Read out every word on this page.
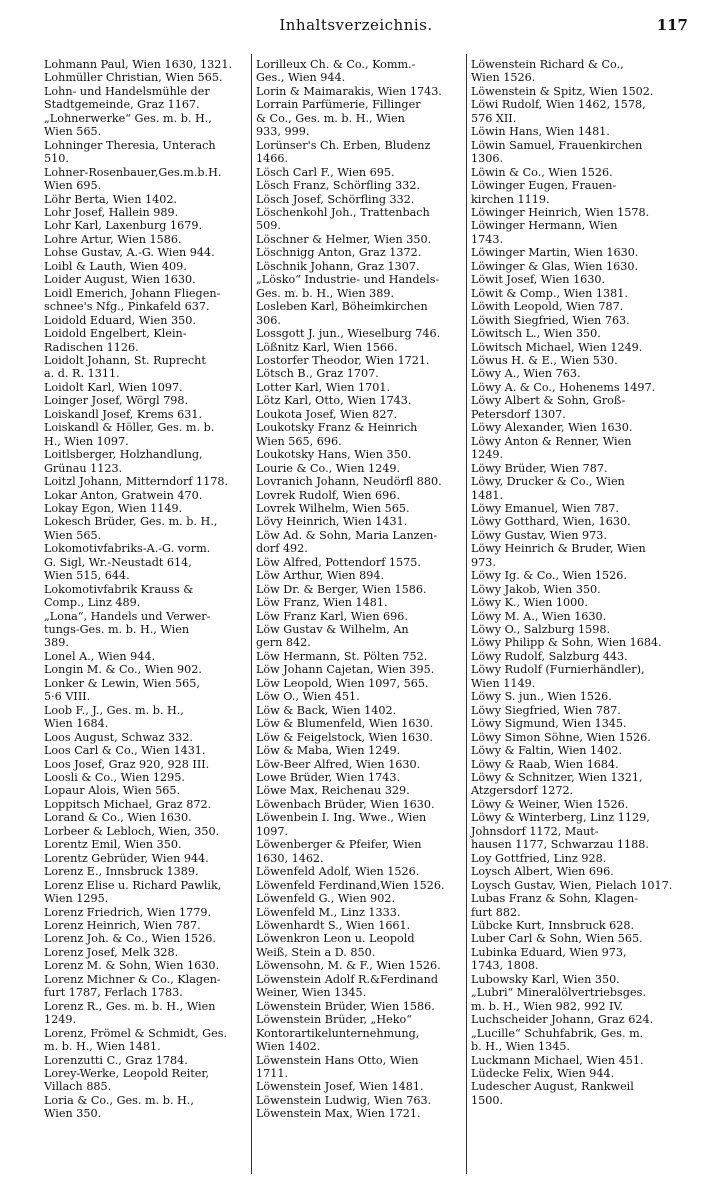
Inhaltsverzeichnis.	117
Lohmann Paul, Wien 1630, 1321.
Lohmüller Christian, Wien 565.
Lohn- und Handelsmühle der
Stadtgemeinde, Graz 1167.
„Lohnerwerke“ Ges. m. b. H.,
Wien 565.
Lohninger Theresia, Unterach
510.
Lohner-Rosenbauer,Ges.m.b.H.
Wien 695.
Löhr Berta, Wien 1402.
Lohr Josef, Hallein 989.
Lohr Karl, Laxenburg 1679.
Lohre Artur, Wien 1586.
Lohse Gustav, A.-G. Wien 944.
Loibl & Lauth, Wien 409.
Loider August, Wien 1630.
Loidl Emerich, Johann Fliegen-
schnee's Nfg., Pinkafeld 637.
Loidold Eduard, Wien 350.
Loidold Engelbert, Klein-
Radischen 1126.
Loidolt Johann, St. Ruprecht
a. d. R. 1311.
Loidolt Karl, Wien 1097.
Loinger Josef, Wörgl 798.
Loiskandl Josef, Krems 631.
Loiskandl & Höller, Ges. m. b.
H., Wien 1097.
Loitlsberger, Holzhandlung,
Grünau 1123.
Loitzl Johann, Mitterndorf 1178.
Lokar Anton, Gratwein 470.
Lokay Egon, Wien 1149.
Lokesch Brüder, Ges. m. b. H.,
Wien 565.
Lokomotivfabriks-A.-G. vorm.
G. Sigl, Wr.-Neustadt 614,
Wien 515, 644.
Lokomotivfabrik Krauss &
Comp., Linz 489.
„Lona“, Handels und Verwer-
tungs-Ges. m. b. H., Wien
389.
Lonel A., Wien 944.
Longin M. & Co., Wien 902.
Lonker & Lewin, Wien 565,
5·6 VIII.
Loob F., J., Ges. m. b. H.,
Wien 1684.
Loos August, Schwaz 332.
Loos Carl & Co., Wien 1431.
Loos Josef, Graz 920, 928 III.
Loosli & Co., Wien 1295.
Lopaur Alois, Wien 565.
Loppitsch Michael, Graz 872.
Lorand & Co., Wien 1630.
Lorbeer & Lebloch, Wien, 350.
Lorentz Emil, Wien 350.
Lorentz Gebrüder, Wien 944.
Lorenz E., Innsbruck 1389.
Lorenz Elise u. Richard Pawlik,
Wien 1295.
Lorenz Friedrich, Wien 1779.
Lorenz Heinrich, Wien 787.
Lorenz Joh. & Co., Wien 1526.
Lorenz Josef, Melk 328.
Lorenz M. & Sohn, Wien 1630.
Lorenz Michner & Co., Klagen-
furt 1787, Ferlach 1783.
Lorenz R., Ges. m. b. H., Wien
1249.
Lorenz, Frömel & Schmidt, Ges.
m. b. H., Wien 1481.
Lorenzutti C., Graz 1784.
Lorey-Werke, Leopold Reiter,
Villach 885.
Loria & Co., Ges. m. b. H.,
Wien 350.
Lorilleux Ch. & Co., Komm.-
Ges., Wien 944.
Lorin & Maimarakis, Wien 1743.
Lorrain Parfümerie, Fillinger
& Co., Ges. m. b. H., Wien
933, 999.
Lorünser's Ch. Erben, Bludenz
1466.
Lösch Carl F., Wien 695.
Lösch Franz, Schörfling 332.
Lösch Josef, Schörfling 332.
Löschenkohl Joh., Trattenbach
509.
Löschner & Helmer, Wien 350.
Löschnigg Anton, Graz 1372.
Löschnik Johann, Graz 1307.
„Lösko“ Industrie- und Handels-
Ges. m. b. H., Wien 389.
Losleben Karl, Böheimkirchen
306.
Lossgott J. jun., Wieselburg 746.
Lößnitz Karl, Wien 1566.
Lostorfer Theodor, Wien 1721.
Lötsch B., Graz 1707.
Lotter Karl, Wien 1701.
Lötz Karl, Otto, Wien 1743.
Loukota Josef, Wien 827.
Loukotsky Franz & Heinrich
Wien 565, 696.
Loukotsky Hans, Wien 350.
Lourie & Co., Wien 1249.
Lovranich Johann, Neudörfl 880.
Lovrek Rudolf, Wien 696.
Lovrek Wilhelm, Wien 565.
Lövy Heinrich, Wien 1431.
Löw Ad. & Sohn, Maria Lanzen-
dorf 492.
Löw Alfred, Pottendorf 1575.
Löw Arthur, Wien 894.
Löw Dr. & Berger, Wien 1586.
Löw Franz, Wien 1481.
Löw Franz Karl, Wien 696.
Löw Gustav & Wilhelm, An
gern 842.
Löw Hermann, St. Pölten 752.
Löw Johann Cajetan, Wien 395.
Löw Leopold, Wien 1097, 565.
Löw O., Wien 451.
Löw & Back, Wien 1402.
Löw & Blumenfeld, Wien 1630.
Löw & Feigelstock, Wien 1630.
Löw & Maba, Wien 1249.
Löw-Beer Alfred, Wien 1630.
Lowe Brüder, Wien 1743.
Löwe Max, Reichenau 329.
Löwenbach Brüder, Wien 1630.
Löwenbein I. Ing. Wwe., Wien
1097.
Löwenberger & Pfeifer, Wien
1630, 1462.
Löwenfeld Adolf, Wien 1526.
Löwenfeld Ferdinand,Wien 1526.
Löwenfeld G., Wien 902.
Löwenfeld M., Linz 1333.
Löwenhardt S., Wien 1661.
Löwenkron Leon u. Leopold
Weiß, Stein a D. 850.
Löwensohn, M. & F., Wien 1526.
Löwenstein Adolf R.&Ferdinand
Weiner, Wien 1345.
Löwenstein Brüder, Wien 1586.
Löwenstein Brüder, „Heko“
Kontorartikelunternehmung,
Wien 1402.
Löwenstein Hans Otto, Wien
1711.
Löwenstein Josef, Wien 1481.
Löwenstein Ludwig, Wien 763.
Löwenstein Max, Wien 1721.
Löwenstein Richard & Co.,
Wien 1526.
Löwenstein & Spitz, Wien 1502.
Löwi Rudolf, Wien 1462, 1578,
576 XII.
Löwin Hans, Wien 1481.
Löwin Samuel, Frauenkirchen
1306.
Löwin & Co., Wien 1526.
Löwinger Eugen, Frauen-
kirchen 1119.
Löwinger Heinrich, Wien 1578.
Löwinger Hermann, Wien
1743.
Löwinger Martin, Wien 1630.
Löwinger & Glas, Wien 1630.
Löwit Josef, Wien 1630.
Löwit & Comp., Wien 1381.
Löwith Leopold, Wien 787.
Löwith Siegfried, Wien 763.
Löwitsch L., Wien 350.
Löwitsch Michael, Wien 1249.
Löwus H. & E., Wien 530.
Löwy A., Wien 763.
Löwy A. & Co., Hohenems 1497.
Löwy Albert & Sohn, Groß-
Petersdorf 1307.
Löwy Alexander, Wien 1630.
Löwy Anton & Renner, Wien
1249.
Löwy Brüder, Wien 787.
Löwy, Drucker & Co., Wien
1481.
Löwy Emanuel, Wien 787.
Löwy Gotthard, Wien, 1630.
Löwy Gustav, Wien 973.
Löwy Heinrich & Bruder, Wien
973.
Löwy Ig. & Co., Wien 1526.
Löwy Jakob, Wien 350.
Löwy K., Wien 1000.
Löwy M. A., Wien 1630.
Löwy O., Salzburg 1598.
Löwy Philipp & Sohn, Wien 1684.
Löwy Rudolf, Salzburg 443.
Löwy Rudolf (Furnierhändler),
Wien 1149.
Löwy S. jun., Wien 1526.
Löwy Siegfried, Wien 787.
Löwy Sigmund, Wien 1345.
Löwy Simon Söhne, Wien 1526.
Löwy & Faltin, Wien 1402.
Löwy & Raab, Wien 1684.
Löwy & Schnitzer, Wien 1321,
Atzgersdorf 1272.
Löwy & Weiner, Wien 1526.
Löwy & Winterberg, Linz 1129,
Johnsdorf 1172, Maut-
hausen 1177, Schwarzau 1188.
Loy Gottfried, Linz 928.
Loysch Albert, Wien 696.
Loysch Gustav, Wien, Pielach 1017.
Lubas Franz & Sohn, Klagen-
furt 882.
Lübcke Kurt, Innsbruck 628.
Luber Carl & Sohn, Wien 565.
Lubinka Eduard, Wien 973,
1743, 1808.
Lubowsky Karl, Wien 350.
„Lubri“ Mineralölvertriebsges.
m. b. H., Wien 982, 992 IV.
Luchscheider Johann, Graz 624.
„Lucille“ Schuhfabrik, Ges. m.
b. H., Wien 1345.
Luckmann Michael, Wien 451.
Lüdecke Felix, Wien 944.
Ludescher August, Rankweil
1500.
